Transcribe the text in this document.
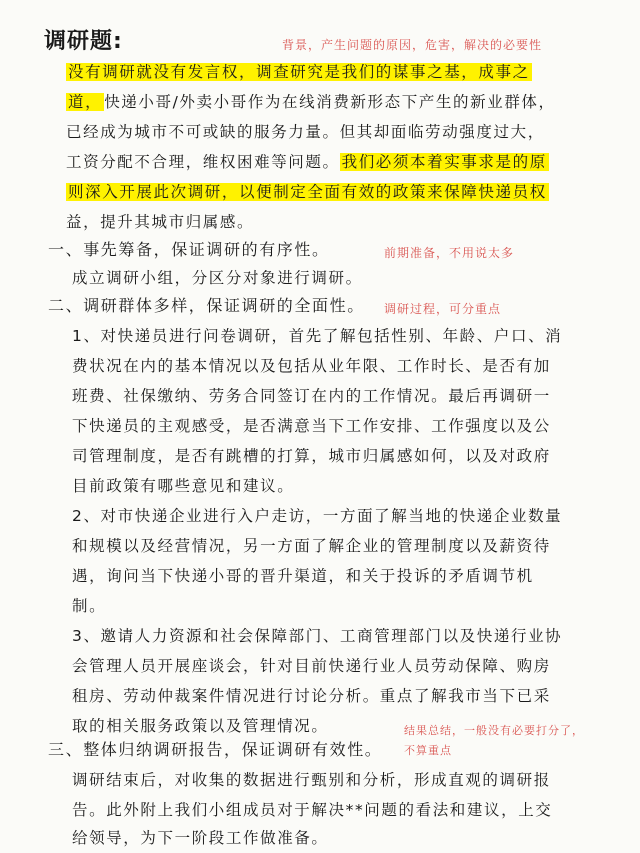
调研题:	背景，产生问题的原因，危害，解决的必要性
没有调研就没有发言权，调查研究是我们的谋事之基，成事之
道， 快递小哥/外卖小哥作为在线消费新形态下产生的新业群体，
已经成为城市不可或缺的服务力量。但其却面临劳动强度过大，
工资分配不合理，维权困难等问题。 我们必须本着实事求是的原
则深入开展此次调研，以便制定全面有效的政策来保障快递员权
益，提升其城市归属感。
一、事先筹备，保证调研的有序性。	前期准备，不用说太多
成立调研小组，分区分对象进行调研。
二、调研群体多样，保证调研的全面性。 调研过程，可分重点
1、对快递员进行问卷调研，首先了解包括性别、年龄、户口、消
费状况在内的基本情况以及包括从业年限、工作时长、是否有加
班费、社保缴纳、劳务合同签订在内的工作情况。最后再调研一
下快递员的主观感受，是否满意当下工作安排、工作强度以及公
司管理制度，是否有跳槽的打算，城市归属感如何，以及对政府
目前政策有哪些意见和建议。
2、对市快递企业进行入户走访，一方面了解当地的快递企业数量
和规模以及经营情况，另一方面了解企业的管理制度以及薪资待
遇，询问当下快递小哥的晋升渠道，和关于投诉的矛盾调节机
制。
3、邀请人力资源和社会保障部门、工商管理部门以及快递行业协
会管理人员开展座谈会，针对目前快递行业人员劳动保障、购房
租房、劳动仲裁案件情况进行讨论分析。重点了解我市当下已采
取的相关服务政策以及管理情况。	结果总结，一般没有必要打分了，
不算重点
三、整体归纳调研报告，保证调研有效性。
调研结束后，对收集的数据进行甄别和分析，形成直观的调研报
告。此外附上我们小组成员对于解决**问题的看法和建议，上交
给领导，为下一阶段工作做准备。
